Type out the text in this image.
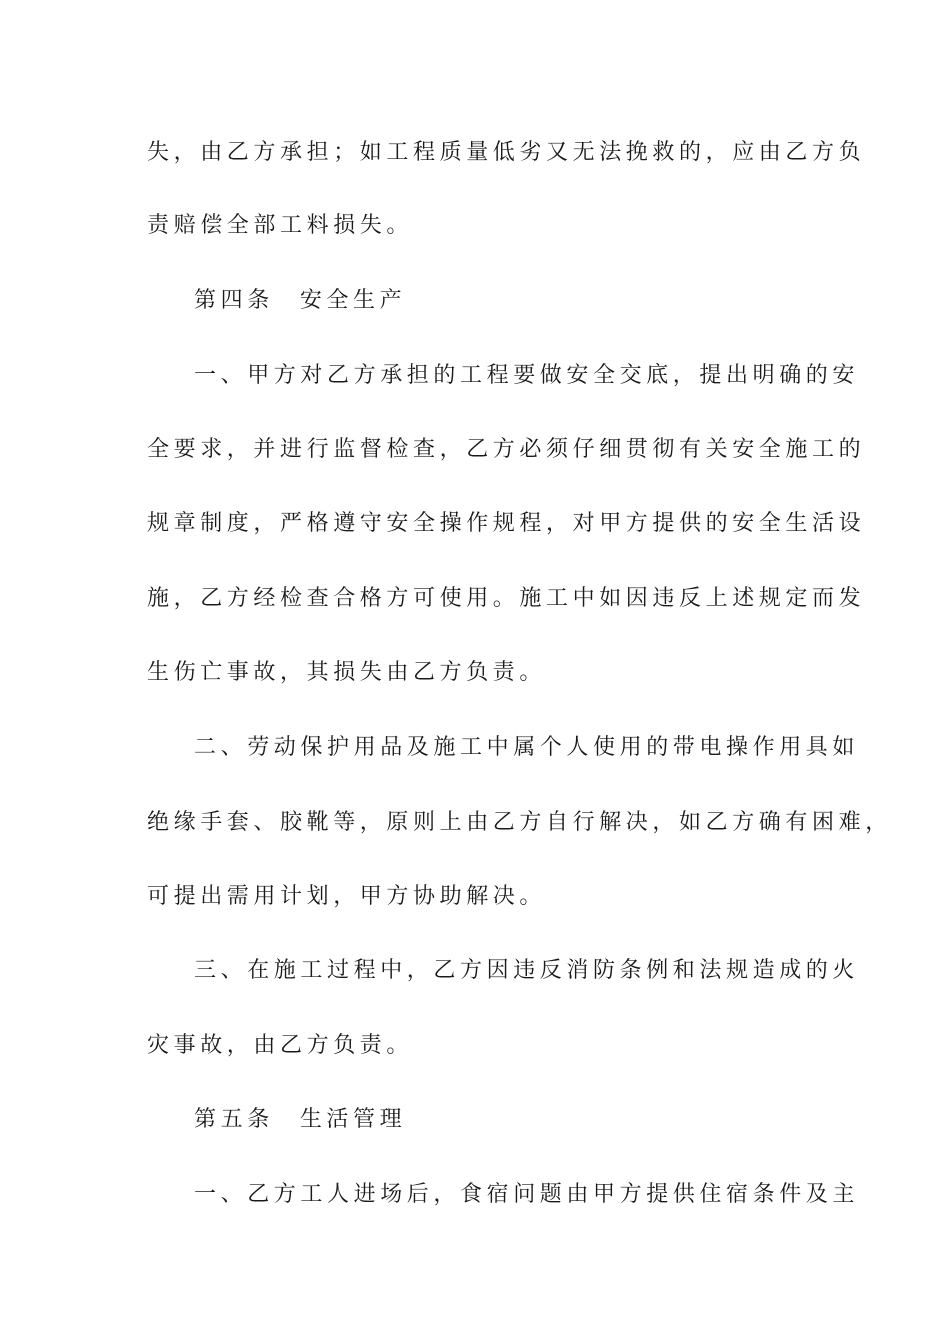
失，由乙方承担；如工程质量低劣又无法挽救的，应由乙方负
责赔偿全部工料损失。
第四条 安全生产
一、甲方对乙方承担的工程要做安全交底，提出明确的安
全要求，并进行监督检查，乙方必须仔细贯彻有关安全施工的
规章制度，严格遵守安全操作规程，对甲方提供的安全生活设
施，乙方经检查合格方可使用。施工中如因违反上述规定而发
生伤亡事故，其损失由乙方负责。
二、劳动保护用品及施工中属个人使用的带电操作用具如
绝缘手套、胶靴等，原则上由乙方自行解决，如乙方确有困难，
可提出需用计划，甲方协助解决。
三、在施工过程中，乙方因违反消防条例和法规造成的火
灾事故，由乙方负责。
第五条 生活管理
一、乙方工人进场后，食宿问题由甲方提供住宿条件及主
